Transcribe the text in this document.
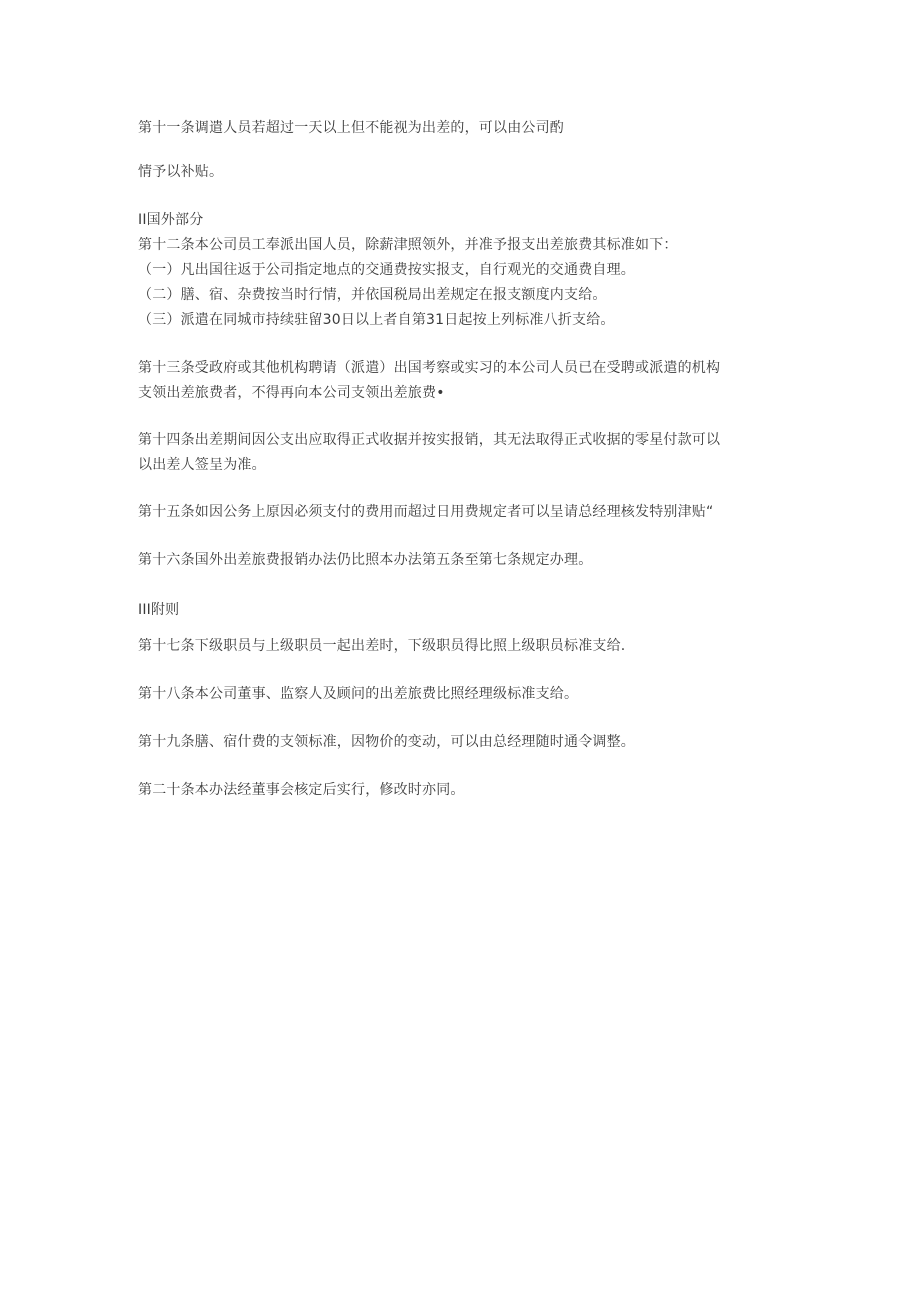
第十一条调遣人员若超过一天以上但不能视为出差的，可以由公司酌
情予以补贴。
II国外部分
第十二条本公司员工奉派出国人员，除薪津照领外，并准予报支出差旅费其标准如下：
（一）凡出国往返于公司指定地点的交通费按实报支，自行观光的交通费自理。
（二）膳、宿、杂费按当时行情，并依国税局出差规定在报支额度内支给。
（三）派遣在同城市持续驻留30日以上者自第31日起按上列标准八折支给。
第十三条受政府或其他机构聘请（派遣）出国考察或实习的本公司人员已在受聘或派遣的机构
支领出差旅费者，不得再向本公司支领出差旅费•
第十四条出差期间因公支出应取得正式收据并按实报销，其无法取得正式收据的零星付款可以
以出差人签呈为准。
第十五条如因公务上原因必须支付的费用而超过日用费规定者可以呈请总经理核发特别津贴“
第十六条国外出差旅费报销办法仍比照本办法第五条至第七条规定办理。
III附则
第十七条下级职员与上级职员一起出差时，下级职员得比照上级职员标准支给.
第十八条本公司董事、监察人及顾问的出差旅费比照经理级标准支给。
第十九条膳、宿什费的支领标准，因物价的变动，可以由总经理随时通令调整。
第二十条本办法经董事会核定后实行，修改时亦同。
